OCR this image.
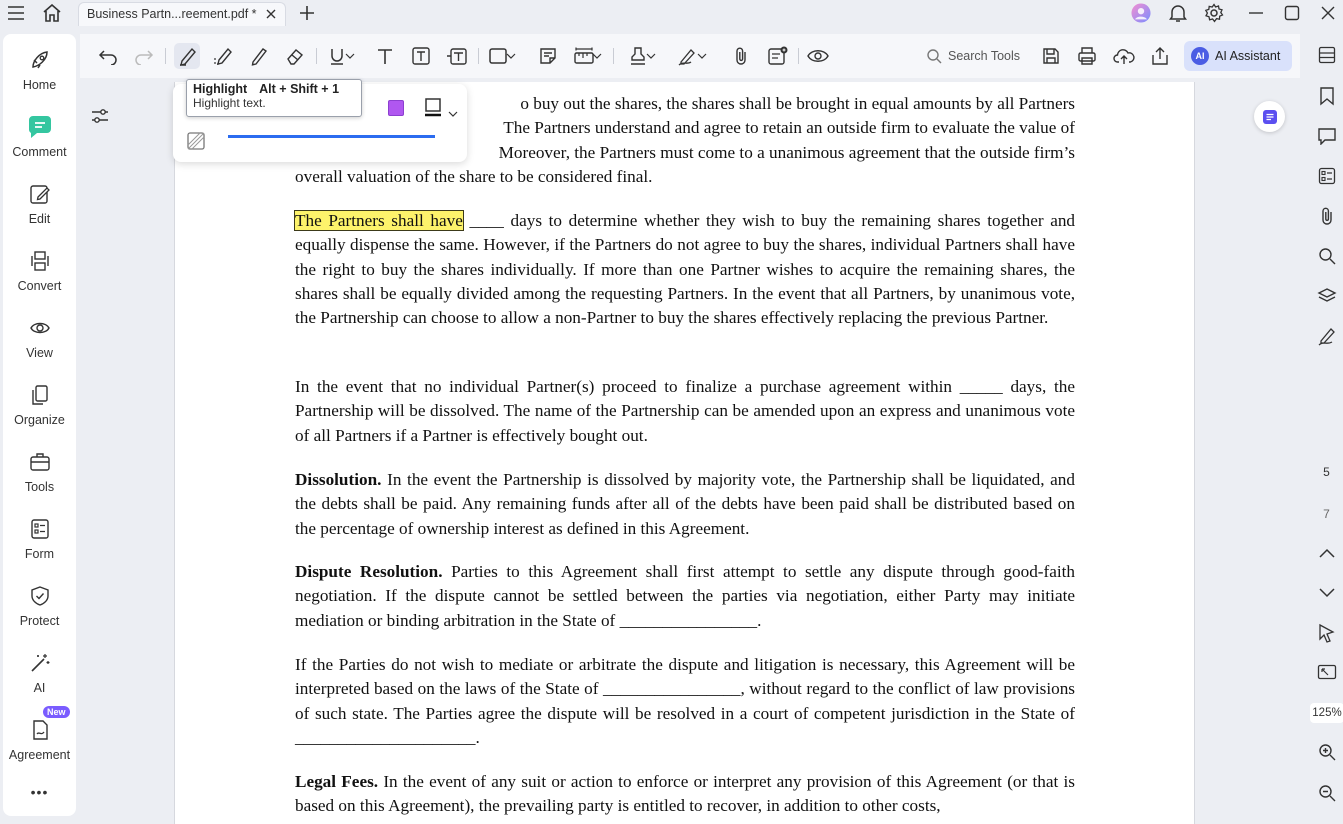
Business Partn...reement.pdf *
Home
Comment
Edit
Convert
View
Organize
Tools
Form
Protect
AI
New
Agreement
•••
Search Tools	AI AI Assistant
o buy out the shares, the shares shall be brought in equal amounts by all Partners
The Partners understand and agree to retain an outside firm to evaluate the value of
Moreover, the Partners must come to a unanimous agreement that the outside firm’s
overall valuation of the share to be considered final.
The Partners shall have ____ days to determine whether they wish to buy the remaining shares together and equally dispense the same. However, if the Partners do not agree to buy the shares, individual Partners shall have the right to buy the shares individually. If more than one Partner wishes to acquire the remaining shares, the shares shall be equally divided among the requesting Partners. In the event that all Partners, by unanimous vote, the Partnership can choose to allow a non-Partner to buy the shares effectively replacing the previous Partner.
In the event that no individual Partner(s) proceed to finalize a purchase agreement within _____ days, the Partnership will be dissolved. The name of the Partnership can be amended upon an express and unanimous vote of all Partners if a Partner is effectively bought out.
Dissolution. In the event the Partnership is dissolved by majority vote, the Partnership shall be liquidated, and the debts shall be paid. Any remaining funds after all of the debts have been paid shall be distributed based on the percentage of ownership interest as defined in this Agreement.
Dispute Resolution. Parties to this Agreement shall first attempt to settle any dispute through good-faith negotiation. If the dispute cannot be settled between the parties via negotiation, either Party may initiate mediation or binding arbitration in the State of ________________.
If the Parties do not wish to mediate or arbitrate the dispute and litigation is necessary, this Agreement will be interpreted based on the laws of the State of ________________, without regard to the conflict of law provisions of such state. The Parties agree the dispute will be resolved in a court of competent jurisdiction in the State of _____________________.
Legal Fees. In the event of any suit or action to enforce or interpret any provision of this Agreement (or that is based on this Agreement), the prevailing party is entitled to recover, in addition to other costs,
Highlight Alt + Shift + 1
Highlight text.
5
7
125%
